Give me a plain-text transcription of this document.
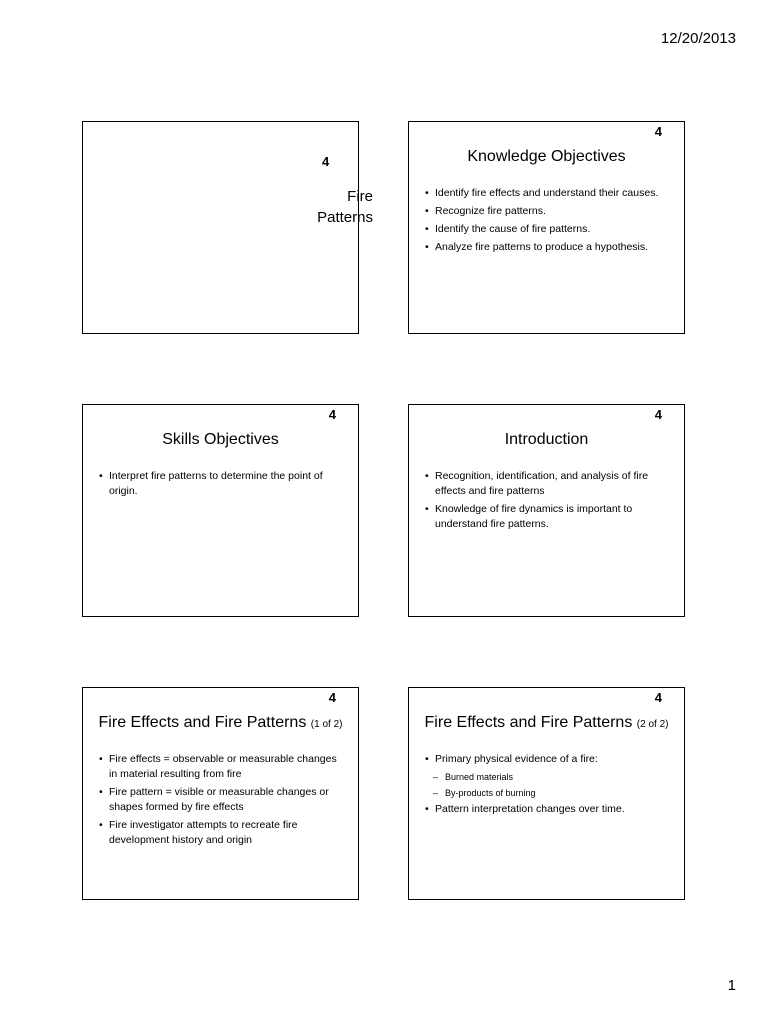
12/20/2013
4
Fire
Patterns
4
Knowledge Objectives
• Identify fire effects and understand their causes.
• Recognize fire patterns.
• Identify the cause of fire patterns.
• Analyze fire patterns to produce a hypothesis.
4
Skills Objectives
• Interpret fire patterns to determine the point of origin.
4
Introduction
• Recognition, identification, and analysis of fire effects and fire patterns
• Knowledge of fire dynamics is important to understand fire patterns.
4
Fire Effects and Fire Patterns (1 of 2)
• Fire effects = observable or measurable changes in material resulting from fire
• Fire pattern = visible or measurable changes or shapes formed by fire effects
• Fire investigator attempts to recreate fire development history and origin
4
Fire Effects and Fire Patterns (2 of 2)
• Primary physical evidence of a fire:
– Burned materials
– By-products of burning
• Pattern interpretation changes over time.
1
